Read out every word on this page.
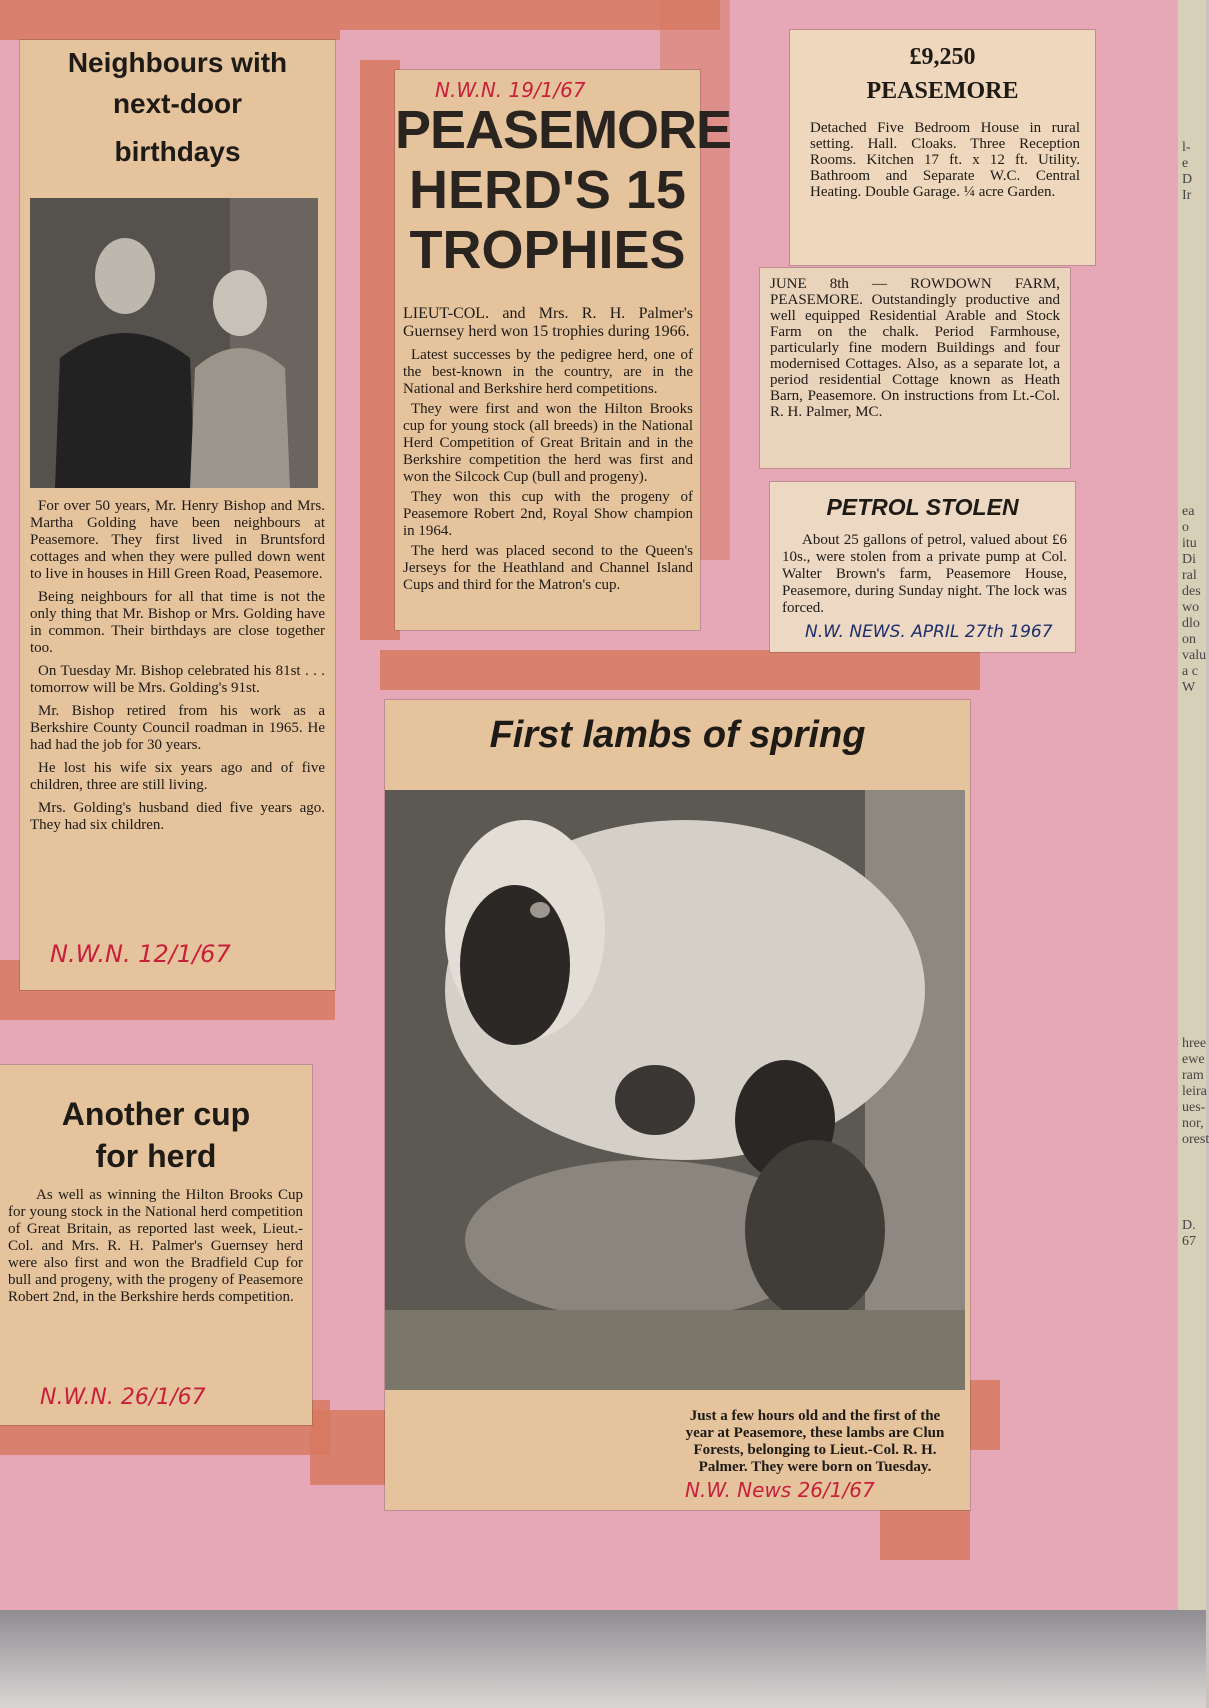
Neighbours with
next-door
birthdays

For over 50 years, Mr. Henry Bishop and Mrs. Martha Golding have been neighbours at Peasemore. They first lived in Bruntsford cottages and when they were pulled down went to live in houses in Hill Green Road, Peasemore.

Being neighbours for all that time is not the only thing that Mr. Bishop or Mrs. Golding have in common. Their birthdays are close together too.

On Tuesday Mr. Bishop celebrated his 81st . . . tomorrow will be Mrs. Golding's 91st.

Mr. Bishop retired from his work as a Berkshire County Council roadman in 1965. He had had the job for 30 years.

He lost his wife six years ago and of five children, three are still living.

Mrs. Golding's husband died five years ago. They had six children.

N.W.N. 12/1/67
N.W.N. 19/1/67
PEASEMORE
HERD'S 15
TROPHIES

LIEUT-COL. and Mrs. R. H. Palmer's Guernsey herd won 15 trophies during 1966.

Latest successes by the pedigree herd, one of the best-known in the country, are in the National and Berkshire herd competitions.

They were first and won the Hilton Brooks cup for young stock (all breeds) in the National Herd Competition of Great Britain and in the Berkshire competition the herd was first and won the Silcock Cup (bull and progeny).

They won this cup with the progeny of Peasemore Robert 2nd, Royal Show champion in 1964.

The herd was placed second to the Queen's Jerseys for the Heathland and Channel Island Cups and third for the Matron's cup.

£9,250
PEASEMORE

Detached Five Bedroom House in rural setting. Hall. Cloaks. Three Reception Rooms. Kitchen 17 ft. x 12 ft. Utility. Bathroom and Separate W.C. Central Heating. Double Garage. ¼ acre Garden.

JUNE 8th — ROWDOWN FARM, PEASEMORE. Outstandingly productive and well equipped Residential Arable and Stock Farm on the chalk. Period Farmhouse, particularly fine modern Buildings and four modernised Cottages. Also, as a separate lot, a period residential Cottage known as Heath Barn, Peasemore. On instructions from Lt.-Col. R. H. Palmer, MC.

PETROL STOLEN

About 25 gallons of petrol, valued about £6 10s., were stolen from a private pump at Col. Walter Brown's farm, Peasemore House, Peasemore, during Sunday night. The lock was forced.

N.W. NEWS. APRIL 27th 1967
First lambs of spring

Just a few hours old and the first of the year at Peasemore, these lambs are Clun Forests, belonging to Lieut.-Col. R. H. Palmer. They were born on Tuesday.

N.W. News 26/1/67
Another cup
for herd

As well as winning the Hilton Brooks Cup for young stock in the National herd competition of Great Britain, as reported last week, Lieut.-Col. and Mrs. R. H. Palmer's Guernsey herd were also first and won the Bradfield Cup for bull and progeny, with the progeny of Peasemore Robert 2nd, in the Berkshire herds competition.

N.W.N. 26/1/67
l-
e
D
Ir
ea
o
itu
Di
ral
des
wo
dlo
on
valu
a c
W
hree
ewe
ram
leira
ues-
nor,
orest
D.
67
